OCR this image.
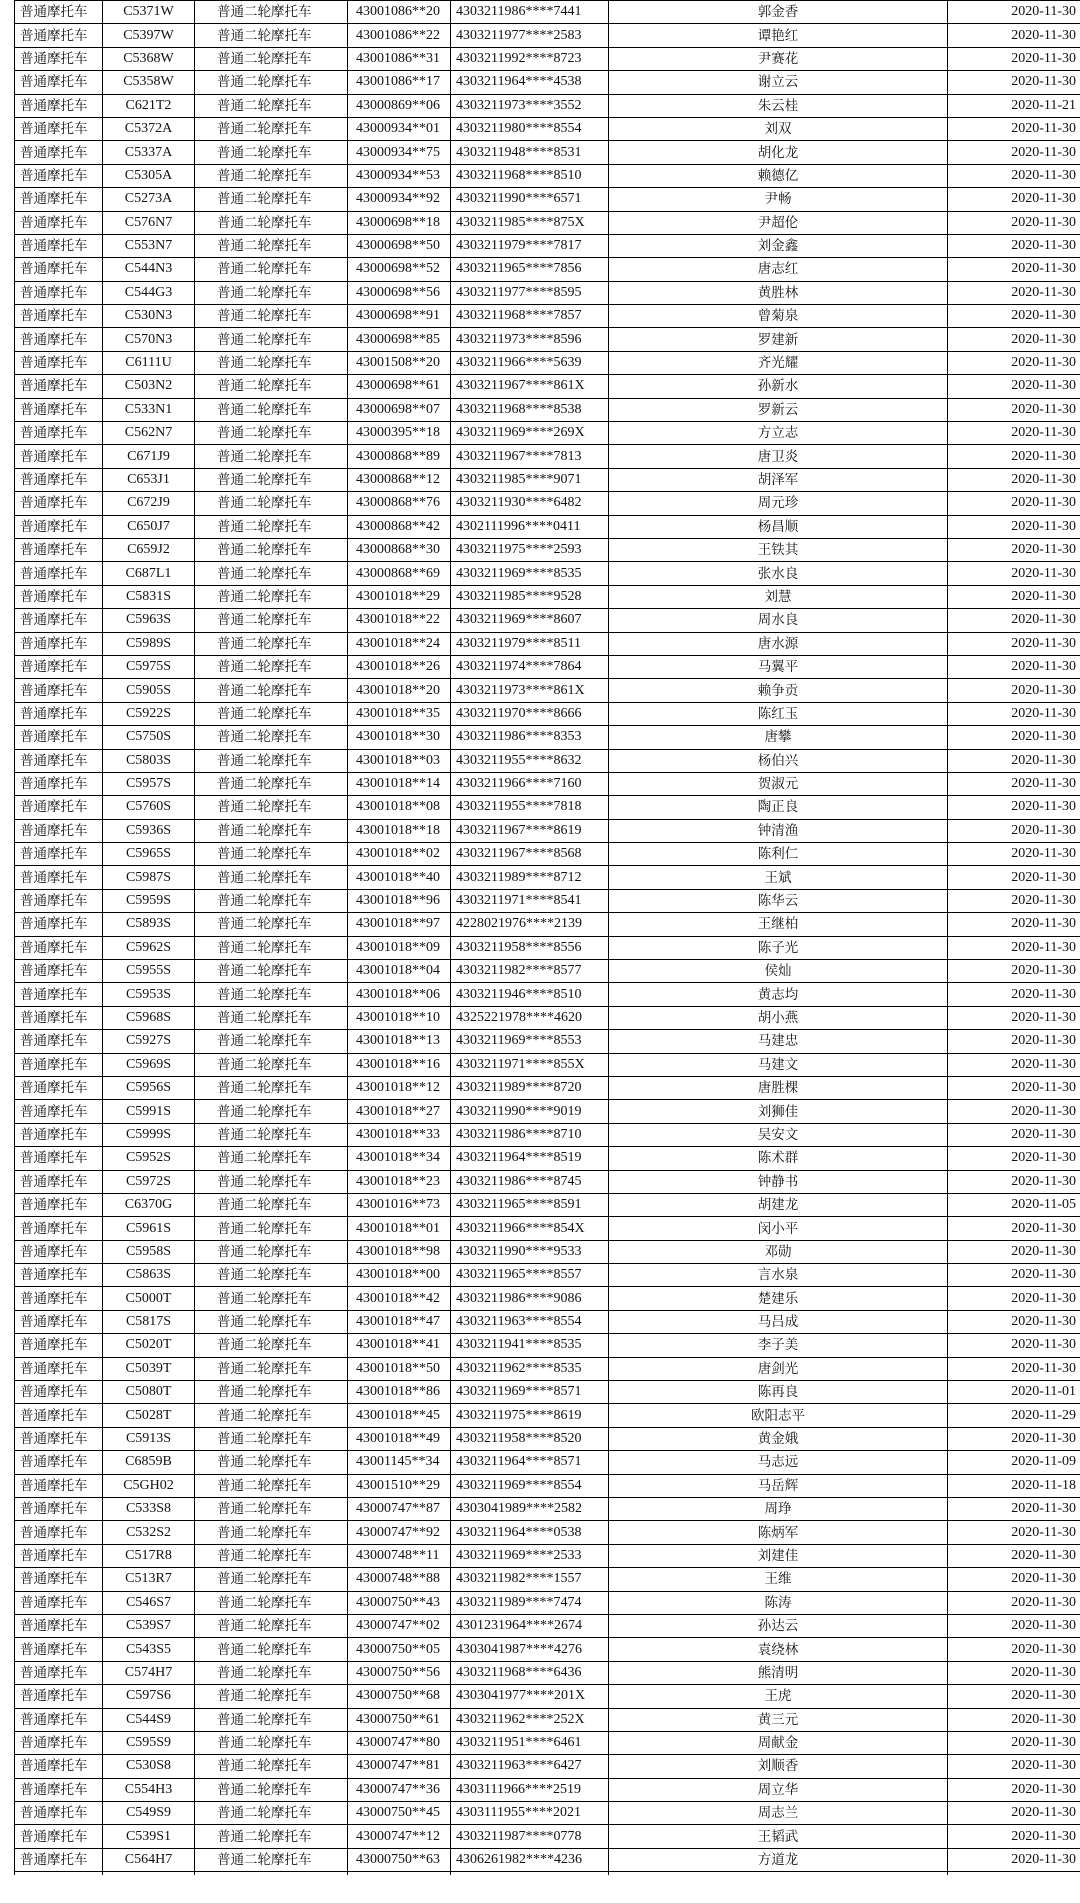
普通摩托车	C5371W	普通二轮摩托车	43001086**20	4303211986****7441	郭金香	2020-11-30
普通摩托车	C5397W	普通二轮摩托车	43001086**22	4303211977****2583	谭艳红	2020-11-30
普通摩托车	C5368W	普通二轮摩托车	43001086**31	4303211992****8723	尹赛花	2020-11-30
普通摩托车	C5358W	普通二轮摩托车	43001086**17	4303211964****4538	谢立云	2020-11-30
普通摩托车	C621T2	普通二轮摩托车	43000869**06	4303211973****3552	朱云桂	2020-11-21
普通摩托车	C5372A	普通二轮摩托车	43000934**01	4303211980****8554	刘双	2020-11-30
普通摩托车	C5337A	普通二轮摩托车	43000934**75	4303211948****8531	胡化龙	2020-11-30
普通摩托车	C5305A	普通二轮摩托车	43000934**53	4303211968****8510	赖德亿	2020-11-30
普通摩托车	C5273A	普通二轮摩托车	43000934**92	4303211990****6571	尹畅	2020-11-30
普通摩托车	C576N7	普通二轮摩托车	43000698**18	4303211985****875X	尹超伦	2020-11-30
普通摩托车	C553N7	普通二轮摩托车	43000698**50	4303211979****7817	刘金鑫	2020-11-30
普通摩托车	C544N3	普通二轮摩托车	43000698**52	4303211965****7856	唐志红	2020-11-30
普通摩托车	C544G3	普通二轮摩托车	43000698**56	4303211977****8595	黄胜林	2020-11-30
普通摩托车	C530N3	普通二轮摩托车	43000698**91	4303211968****7857	曾菊泉	2020-11-30
普通摩托车	C570N3	普通二轮摩托车	43000698**85	4303211973****8596	罗建新	2020-11-30
普通摩托车	C6111U	普通二轮摩托车	43001508**20	4303211966****5639	齐光耀	2020-11-30
普通摩托车	C503N2	普通二轮摩托车	43000698**61	4303211967****861X	孙新水	2020-11-30
普通摩托车	C533N1	普通二轮摩托车	43000698**07	4303211968****8538	罗新云	2020-11-30
普通摩托车	C562N7	普通二轮摩托车	43000395**18	4303211969****269X	方立志	2020-11-30
普通摩托车	C671J9	普通二轮摩托车	43000868**89	4303211967****7813	唐卫炎	2020-11-30
普通摩托车	C653J1	普通二轮摩托车	43000868**12	4303211985****9071	胡泽军	2020-11-30
普通摩托车	C672J9	普通二轮摩托车	43000868**76	4303211930****6482	周元珍	2020-11-30
普通摩托车	C650J7	普通二轮摩托车	43000868**42	4302111996****0411	杨昌顺	2020-11-30
普通摩托车	C659J2	普通二轮摩托车	43000868**30	4303211975****2593	王铁其	2020-11-30
普通摩托车	C687L1	普通二轮摩托车	43000868**69	4303211969****8535	张水良	2020-11-30
普通摩托车	C5831S	普通二轮摩托车	43001018**29	4303211985****9528	刘慧	2020-11-30
普通摩托车	C5963S	普通二轮摩托车	43001018**22	4303211969****8607	周水良	2020-11-30
普通摩托车	C5989S	普通二轮摩托车	43001018**24	4303211979****8511	唐水源	2020-11-30
普通摩托车	C5975S	普通二轮摩托车	43001018**26	4303211974****7864	马翼平	2020-11-30
普通摩托车	C5905S	普通二轮摩托车	43001018**20	4303211973****861X	赖争贡	2020-11-30
普通摩托车	C5922S	普通二轮摩托车	43001018**35	4303211970****8666	陈红玉	2020-11-30
普通摩托车	C5750S	普通二轮摩托车	43001018**30	4303211986****8353	唐攀	2020-11-30
普通摩托车	C5803S	普通二轮摩托车	43001018**03	4303211955****8632	杨伯兴	2020-11-30
普通摩托车	C5957S	普通二轮摩托车	43001018**14	4303211966****7160	贺淑元	2020-11-30
普通摩托车	C5760S	普通二轮摩托车	43001018**08	4303211955****7818	陶正良	2020-11-30
普通摩托车	C5936S	普通二轮摩托车	43001018**18	4303211967****8619	钟清渔	2020-11-30
普通摩托车	C5965S	普通二轮摩托车	43001018**02	4303211967****8568	陈利仁	2020-11-30
普通摩托车	C5987S	普通二轮摩托车	43001018**40	4303211989****8712	王斌	2020-11-30
普通摩托车	C5959S	普通二轮摩托车	43001018**96	4303211971****8541	陈华云	2020-11-30
普通摩托车	C5893S	普通二轮摩托车	43001018**97	4228021976****2139	王继柏	2020-11-30
普通摩托车	C5962S	普通二轮摩托车	43001018**09	4303211958****8556	陈子光	2020-11-30
普通摩托车	C5955S	普通二轮摩托车	43001018**04	4303211982****8577	侯灿	2020-11-30
普通摩托车	C5953S	普通二轮摩托车	43001018**06	4303211946****8510	黄志均	2020-11-30
普通摩托车	C5968S	普通二轮摩托车	43001018**10	4325221978****4620	胡小燕	2020-11-30
普通摩托车	C5927S	普通二轮摩托车	43001018**13	4303211969****8553	马建忠	2020-11-30
普通摩托车	C5969S	普通二轮摩托车	43001018**16	4303211971****855X	马建文	2020-11-30
普通摩托车	C5956S	普通二轮摩托车	43001018**12	4303211989****8720	唐胜棵	2020-11-30
普通摩托车	C5991S	普通二轮摩托车	43001018**27	4303211990****9019	刘狮佳	2020-11-30
普通摩托车	C5999S	普通二轮摩托车	43001018**33	4303211986****8710	吴安文	2020-11-30
普通摩托车	C5952S	普通二轮摩托车	43001018**34	4303211964****8519	陈术群	2020-11-30
普通摩托车	C5972S	普通二轮摩托车	43001018**23	4303211986****8745	钟静书	2020-11-30
普通摩托车	C6370G	普通二轮摩托车	43001016**73	4303211965****8591	胡建龙	2020-11-05
普通摩托车	C5961S	普通二轮摩托车	43001018**01	4303211966****854X	闵小平	2020-11-30
普通摩托车	C5958S	普通二轮摩托车	43001018**98	4303211990****9533	邓勋	2020-11-30
普通摩托车	C5863S	普通二轮摩托车	43001018**00	4303211965****8557	言水泉	2020-11-30
普通摩托车	C5000T	普通二轮摩托车	43001018**42	4303211986****9086	楚建乐	2020-11-30
普通摩托车	C5817S	普通二轮摩托车	43001018**47	4303211963****8554	马吕成	2020-11-30
普通摩托车	C5020T	普通二轮摩托车	43001018**41	4303211941****8535	李子美	2020-11-30
普通摩托车	C5039T	普通二轮摩托车	43001018**50	4303211962****8535	唐剑光	2020-11-30
普通摩托车	C5080T	普通二轮摩托车	43001018**86	4303211969****8571	陈再良	2020-11-01
普通摩托车	C5028T	普通二轮摩托车	43001018**45	4303211975****8619	欧阳志平	2020-11-29
普通摩托车	C5913S	普通二轮摩托车	43001018**49	4303211958****8520	黄金娥	2020-11-30
普通摩托车	C6859B	普通二轮摩托车	43001145**34	4303211964****8571	马志远	2020-11-09
普通摩托车	C5GH02	普通二轮摩托车	43001510**29	4303211969****8554	马岳辉	2020-11-18
普通摩托车	C533S8	普通二轮摩托车	43000747**87	4303041989****2582	周琤	2020-11-30
普通摩托车	C532S2	普通二轮摩托车	43000747**92	4303211964****0538	陈炳军	2020-11-30
普通摩托车	C517R8	普通二轮摩托车	43000748**11	4303211969****2533	刘建佳	2020-11-30
普通摩托车	C513R7	普通二轮摩托车	43000748**88	4303211982****1557	王维	2020-11-30
普通摩托车	C546S7	普通二轮摩托车	43000750**43	4303211989****7474	陈涛	2020-11-30
普通摩托车	C539S7	普通二轮摩托车	43000747**02	4301231964****2674	孙达云	2020-11-30
普通摩托车	C543S5	普通二轮摩托车	43000750**05	4303041987****4276	袁绕林	2020-11-30
普通摩托车	C574H7	普通二轮摩托车	43000750**56	4303211968****6436	熊清明	2020-11-30
普通摩托车	C597S6	普通二轮摩托车	43000750**68	4303041977****201X	王虎	2020-11-30
普通摩托车	C544S9	普通二轮摩托车	43000750**61	4303211962****252X	黄三元	2020-11-30
普通摩托车	C595S9	普通二轮摩托车	43000747**80	4303211951****6461	周献金	2020-11-30
普通摩托车	C530S8	普通二轮摩托车	43000747**81	4303211963****6427	刘顺香	2020-11-30
普通摩托车	C554H3	普通二轮摩托车	43000747**36	4303111966****2519	周立华	2020-11-30
普通摩托车	C549S9	普通二轮摩托车	43000750**45	4303111955****2021	周志兰	2020-11-30
普通摩托车	C539S1	普通二轮摩托车	43000747**12	4303211987****0778	王韬武	2020-11-30
普通摩托车	C564H7	普通二轮摩托车	43000750**63	4306261982****4236	方道龙	2020-11-30
